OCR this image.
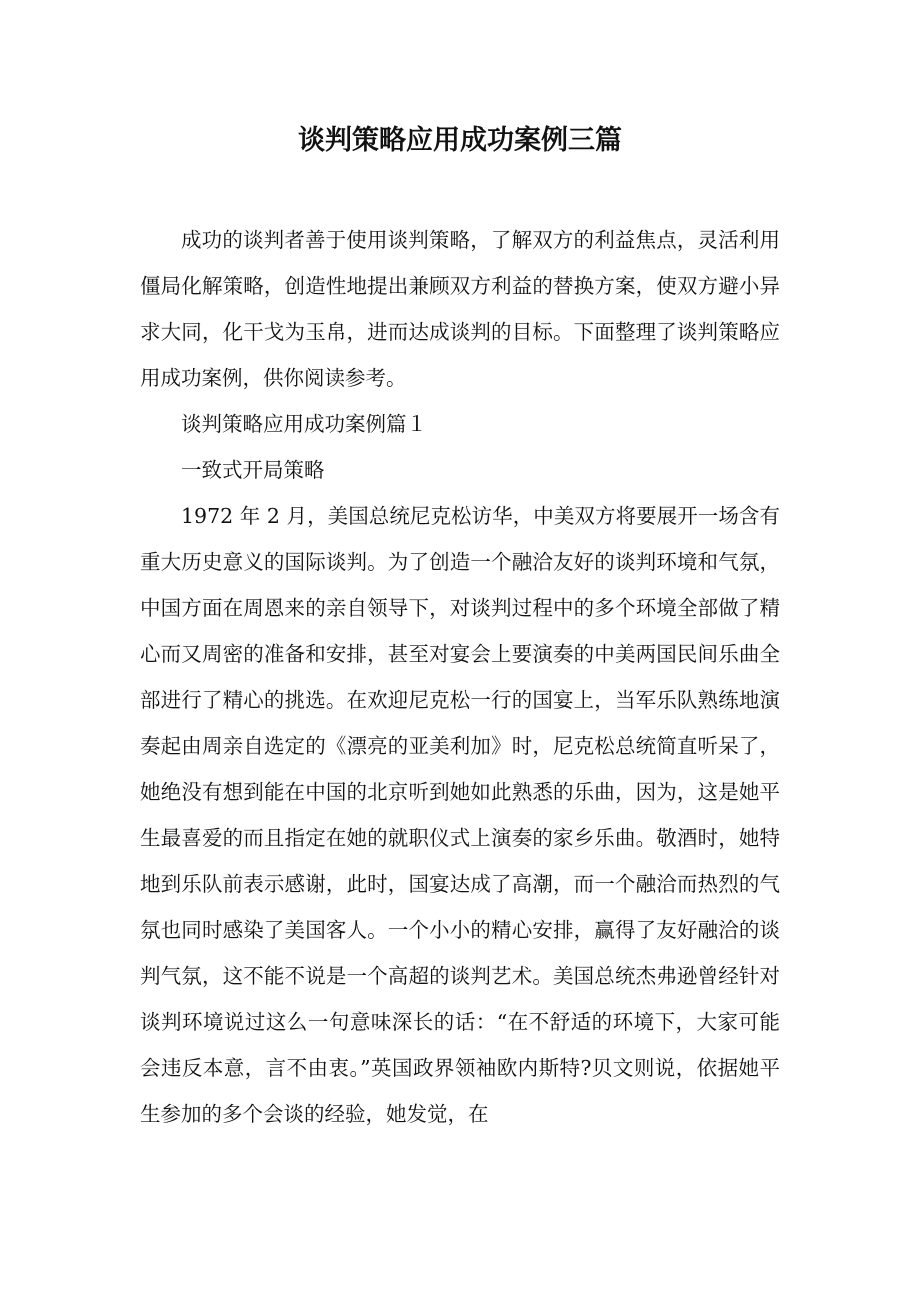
谈判策略应用成功案例三篇

成功的谈判者善于使用谈判策略，了解双方的利益焦点，灵活利用僵局化解策略，创造性地提出兼顾双方利益的替换方案，使双方避小异求大同，化干戈为玉帛，进而达成谈判的目标。下面整理了谈判策略应用成功案例，供你阅读参考。

谈判策略应用成功案例篇１

一致式开局策略

1972 年 2 月，美国总统尼克松访华，中美双方将要展开一场含有重大历史意义的国际谈判。为了创造一个融洽友好的谈判环境和气氛，中国方面在周恩来的亲自领导下，对谈判过程中的多个环境全部做了精心而又周密的准备和安排，甚至对宴会上要演奏的中美两国民间乐曲全部进行了精心的挑选。在欢迎尼克松一行的国宴上，当军乐队熟练地演奏起由周亲自选定的《漂亮的亚美利加》时，尼克松总统简直听呆了，她绝没有想到能在中国的北京听到她如此熟悉的乐曲，因为，这是她平生最喜爱的而且指定在她的就职仪式上演奏的家乡乐曲。敬酒时，她特地到乐队前表示感谢，此时，国宴达成了高潮，而一个融洽而热烈的气氛也同时感染了美国客人。一个小小的精心安排，赢得了友好融洽的谈判气氛，这不能不说是一个高超的谈判艺术。美国总统杰弗逊曾经针对谈判环境说过这么一句意味深长的话：“在不舒适的环境下，大家可能会违反本意，言不由衷。”英国政界领袖欧内斯特?贝文则说，依据她平生参加的多个会谈的经验，她发觉，在
